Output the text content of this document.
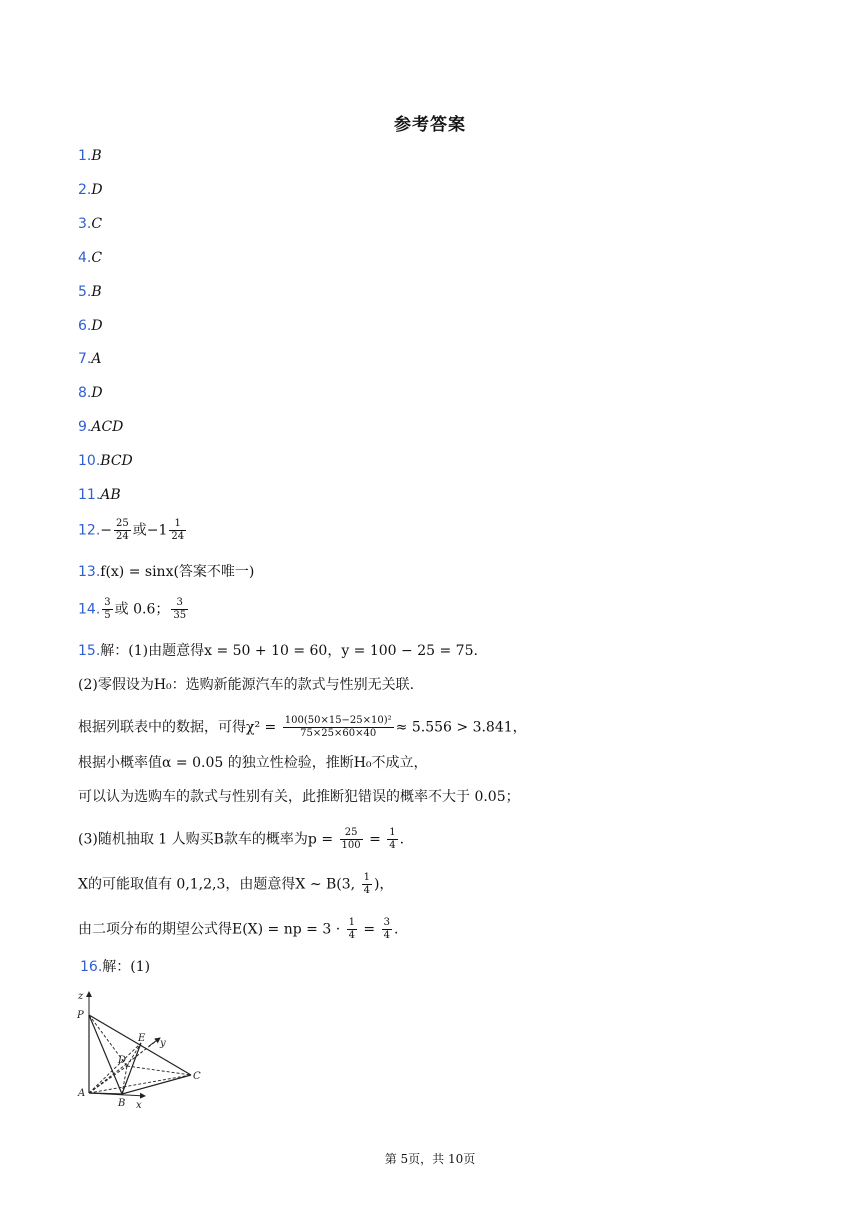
参考答案
1.B
2.D
3.C
4.C
5.B
6.D
7.A
8.D
9.ACD
10.BCD
11.AB
$12.- \frac{25}{24}$ 或$-1 \frac{1}{24}$
13.f(x) = sinx(答案不唯一)
14. $\frac{3}{5}$ 或 0.6； $\frac{3}{35}$
15.解：(1)由题意得x = 50 + 10 = 60，y = 100 − 25 = 75.
(2)零假设为H₀：选购新能源汽车的款式与性别无关联.
根据列联表中的数据，可得$\chi^2 = \frac{\text{100(50×15−25×10)²}}{75\times 25\times 60\times 40} \approx 5.556 > 3.841$，
根据小概率值α = 0.05 的独立性检验，推断H₀不成立，
可以认为选购车的款式与性别有关，此推断犯错误的概率不大于 0.05；
(3)随机抽取 1 人购买B款车的概率为$p = \frac{25}{100} = \frac{1}{4}$ .
X的可能取值有 0,1,2,3，由题意得X ∼ B(3, $\frac{1}{4}$ )，
由二项分布的期望公式得E(X) = np = $3 \cdot \frac{1}{4} = \frac{3}{4}$ .
16.解：(1)
z
P
E y
D
C
A
B x
第 5页，共 10页
